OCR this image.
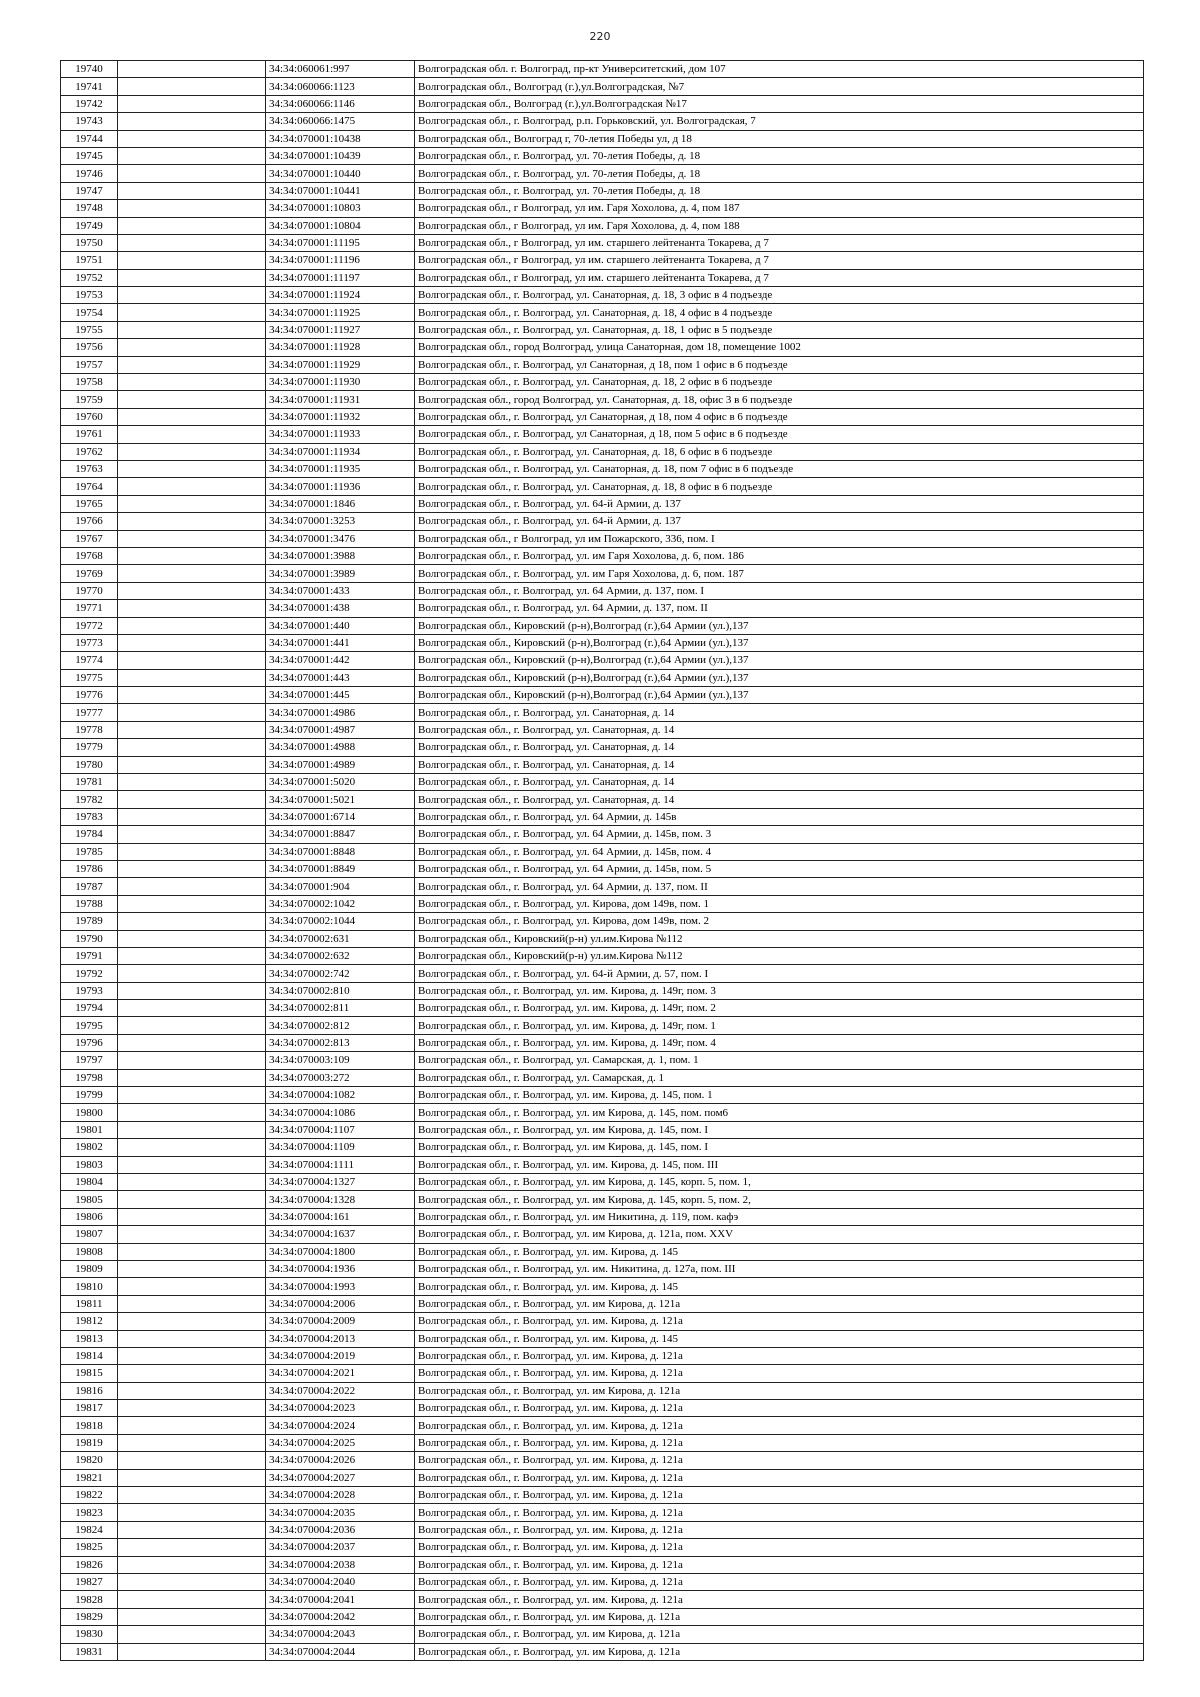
220
19740		34:34:060061:997	Волгоградская обл. г. Волгоград, пр-кт Университетский, дом 107
19741		34:34:060066:1123	Волгоградская обл., Волгоград (г.),ул.Волгоградская, №7
19742		34:34:060066:1146	Волгоградская обл., Волгоград (г.),ул.Волгоградская №17
19743		34:34:060066:1475	Волгоградская обл., г. Волгоград, р.п. Горьковский, ул. Волгоградская, 7
19744		34:34:070001:10438	Волгоградская обл., Волгоград г, 70-летия Победы ул, д 18
19745		34:34:070001:10439	Волгоградская обл., г. Волгоград, ул. 70-летия Победы, д. 18
19746		34:34:070001:10440	Волгоградская обл., г. Волгоград, ул. 70-летия Победы, д. 18
19747		34:34:070001:10441	Волгоградская обл., г. Волгоград, ул. 70-летия Победы, д. 18
19748		34:34:070001:10803	Волгоградская обл., г Волгоград, ул им. Гаря Хохолова, д. 4, пом 187
19749		34:34:070001:10804	Волгоградская обл., г Волгоград, ул им. Гаря Хохолова, д. 4, пом 188
19750		34:34:070001:11195	Волгоградская обл., г Волгоград, ул им. старшего лейтенанта Токарева, д 7
19751		34:34:070001:11196	Волгоградская обл., г Волгоград, ул им. старшего лейтенанта Токарева, д 7
19752		34:34:070001:11197	Волгоградская обл., г Волгоград, ул им. старшего лейтенанта Токарева, д 7
19753		34:34:070001:11924	Волгоградская обл., г. Волгоград, ул. Санаторная, д. 18, 3 офис в 4 подъезде
19754		34:34:070001:11925	Волгоградская обл., г. Волгоград, ул. Санаторная, д. 18, 4 офис в 4 подъезде
19755		34:34:070001:11927	Волгоградская обл., г. Волгоград, ул. Санаторная, д. 18, 1 офис в 5 подъезде
19756		34:34:070001:11928	Волгоградская обл., город Волгоград, улица Санаторная, дом 18, помещение 1002
19757		34:34:070001:11929	Волгоградская обл., г. Волгоград, ул Санаторная, д 18, пом 1 офис в 6 подъезде
19758		34:34:070001:11930	Волгоградская обл., г. Волгоград, ул. Санаторная, д. 18, 2 офис в 6 подъезде
19759		34:34:070001:11931	Волгоградская обл., город Волгоград, ул. Санаторная, д. 18, офис 3 в 6 подъезде
19760		34:34:070001:11932	Волгоградская обл., г. Волгоград, ул Санаторная, д 18, пом 4 офис в 6 подъезде
19761		34:34:070001:11933	Волгоградская обл., г. Волгоград, ул Санаторная, д 18, пом 5 офис в 6 подъезде
19762		34:34:070001:11934	Волгоградская обл., г. Волгоград, ул. Санаторная, д. 18, 6 офис в 6 подъезде
19763		34:34:070001:11935	Волгоградская обл., г. Волгоград, ул. Санаторная, д. 18, пом 7 офис в 6 подъезде
19764		34:34:070001:11936	Волгоградская обл., г. Волгоград, ул. Санаторная, д. 18, 8 офис в 6 подъезде
19765		34:34:070001:1846	Волгоградская обл., г. Волгоград, ул. 64-й Армии, д. 137
19766		34:34:070001:3253	Волгоградская обл., г. Волгоград, ул. 64-й Армии, д. 137
19767		34:34:070001:3476	Волгоградская обл., г Волгоград, ул им Пожарского, 336, пом. I
19768		34:34:070001:3988	Волгоградская обл., г. Волгоград, ул. им Гаря Хохолова, д. 6, пом. 186
19769		34:34:070001:3989	Волгоградская обл., г. Волгоград, ул. им Гаря Хохолова, д. 6, пом. 187
19770		34:34:070001:433	Волгоградская обл., г. Волгоград, ул. 64 Армии, д. 137, пом. I
19771		34:34:070001:438	Волгоградская обл., г. Волгоград, ул. 64 Армии, д. 137, пом. II
19772		34:34:070001:440	Волгоградская обл., Кировский (р-н),Волгоград (г.),64 Армии (ул.),137
19773		34:34:070001:441	Волгоградская обл., Кировский (р-н),Волгоград (г.),64 Армии (ул.),137
19774		34:34:070001:442	Волгоградская обл., Кировский (р-н),Волгоград (г.),64 Армии (ул.),137
19775		34:34:070001:443	Волгоградская обл., Кировский (р-н),Волгоград (г.),64 Армии (ул.),137
19776		34:34:070001:445	Волгоградская обл., Кировский (р-н),Волгоград (г.),64 Армии (ул.),137
19777		34:34:070001:4986	Волгоградская обл., г. Волгоград, ул. Санаторная, д. 14
19778		34:34:070001:4987	Волгоградская обл., г. Волгоград, ул. Санаторная, д. 14
19779		34:34:070001:4988	Волгоградская обл., г. Волгоград, ул. Санаторная, д. 14
19780		34:34:070001:4989	Волгоградская обл., г. Волгоград, ул. Санаторная, д. 14
19781		34:34:070001:5020	Волгоградская обл., г. Волгоград, ул. Санаторная, д. 14
19782		34:34:070001:5021	Волгоградская обл., г. Волгоград, ул. Санаторная, д. 14
19783		34:34:070001:6714	Волгоградская обл., г. Волгоград, ул. 64 Армии, д. 145в
19784		34:34:070001:8847	Волгоградская обл., г. Волгоград, ул. 64 Армии, д. 145в, пом. 3
19785		34:34:070001:8848	Волгоградская обл., г. Волгоград, ул. 64 Армии, д. 145в, пом. 4
19786		34:34:070001:8849	Волгоградская обл., г. Волгоград, ул. 64 Армии, д. 145в, пом. 5
19787		34:34:070001:904	Волгоградская обл., г. Волгоград, ул. 64 Армии, д. 137, пом. II
19788		34:34:070002:1042	Волгоградская обл., г. Волгоград, ул. Кирова, дом 149в, пом. 1
19789		34:34:070002:1044	Волгоградская обл., г. Волгоград, ул. Кирова, дом 149в, пом. 2
19790		34:34:070002:631	Волгоградская обл., Кировский(р-н) ул.им.Кирова №112
19791		34:34:070002:632	Волгоградская обл., Кировский(р-н) ул.им.Кирова №112
19792		34:34:070002:742	Волгоградская обл., г. Волгоград, ул. 64-й Армии, д. 57, пом. I
19793		34:34:070002:810	Волгоградская обл., г. Волгоград, ул. им. Кирова, д. 149г, пом. 3
19794		34:34:070002:811	Волгоградская обл., г. Волгоград, ул. им. Кирова, д. 149г, пом. 2
19795		34:34:070002:812	Волгоградская обл., г. Волгоград, ул. им. Кирова, д. 149г, пом. 1
19796		34:34:070002:813	Волгоградская обл., г. Волгоград, ул. им. Кирова, д. 149г, пом. 4
19797		34:34:070003:109	Волгоградская обл., г. Волгоград, ул. Самарская, д. 1, пом. 1
19798		34:34:070003:272	Волгоградская обл., г. Волгоград, ул. Самарская, д. 1
19799		34:34:070004:1082	Волгоградская обл., г. Волгоград, ул. им. Кирова, д. 145, пом. 1
19800		34:34:070004:1086	Волгоградская обл., г. Волгоград, ул. им Кирова, д. 145, пом. пом6
19801		34:34:070004:1107	Волгоградская обл., г. Волгоград, ул. им Кирова, д. 145, пом. I
19802		34:34:070004:1109	Волгоградская обл., г. Волгоград, ул. им Кирова, д. 145, пом. I
19803		34:34:070004:1111	Волгоградская обл., г. Волгоград, ул. им. Кирова, д. 145, пом. III
19804		34:34:070004:1327	Волгоградская обл., г. Волгоград, ул. им Кирова, д. 145, корп. 5, пом. 1,
19805		34:34:070004:1328	Волгоградская обл., г. Волгоград, ул. им Кирова, д. 145, корп. 5, пом. 2,
19806		34:34:070004:161	Волгоградская обл., г. Волгоград, ул. им Никитина, д. 119, пом. кафэ
19807		34:34:070004:1637	Волгоградская обл., г. Волгоград, ул. им Кирова, д. 121а, пом. XXV
19808		34:34:070004:1800	Волгоградская обл., г. Волгоград, ул. им. Кирова, д. 145
19809		34:34:070004:1936	Волгоградская обл., г. Волгоград, ул. им. Никитина, д. 127а, пом. III
19810		34:34:070004:1993	Волгоградская обл., г. Волгоград, ул. им. Кирова, д. 145
19811		34:34:070004:2006	Волгоградская обл., г. Волгоград, ул. им Кирова, д. 121а
19812		34:34:070004:2009	Волгоградская обл., г. Волгоград, ул. им. Кирова, д. 121а
19813		34:34:070004:2013	Волгоградская обл., г. Волгоград, ул. им. Кирова, д. 145
19814		34:34:070004:2019	Волгоградская обл., г. Волгоград, ул. им. Кирова, д. 121а
19815		34:34:070004:2021	Волгоградская обл., г. Волгоград, ул. им. Кирова, д. 121а
19816		34:34:070004:2022	Волгоградская обл., г. Волгоград, ул. им Кирова, д. 121а
19817		34:34:070004:2023	Волгоградская обл., г. Волгоград, ул. им. Кирова, д. 121а
19818		34:34:070004:2024	Волгоградская обл., г. Волгоград, ул. им. Кирова, д. 121а
19819		34:34:070004:2025	Волгоградская обл., г. Волгоград, ул. им. Кирова, д. 121а
19820		34:34:070004:2026	Волгоградская обл., г. Волгоград, ул. им. Кирова, д. 121а
19821		34:34:070004:2027	Волгоградская обл., г. Волгоград, ул. им. Кирова, д. 121а
19822		34:34:070004:2028	Волгоградская обл., г. Волгоград, ул. им. Кирова, д. 121а
19823		34:34:070004:2035	Волгоградская обл., г. Волгоград, ул. им. Кирова, д. 121а
19824		34:34:070004:2036	Волгоградская обл., г. Волгоград, ул. им. Кирова, д. 121а
19825		34:34:070004:2037	Волгоградская обл., г. Волгоград, ул. им. Кирова, д. 121а
19826		34:34:070004:2038	Волгоградская обл., г. Волгоград, ул. им. Кирова, д. 121а
19827		34:34:070004:2040	Волгоградская обл., г. Волгоград, ул. им. Кирова, д. 121а
19828		34:34:070004:2041	Волгоградская обл., г. Волгоград, ул. им. Кирова, д. 121а
19829		34:34:070004:2042	Волгоградская обл., г. Волгоград, ул. им Кирова, д. 121а
19830		34:34:070004:2043	Волгоградская обл., г. Волгоград, ул. им Кирова, д. 121а
19831		34:34:070004:2044	Волгоградская обл., г. Волгоград, ул. им Кирова, д. 121а
